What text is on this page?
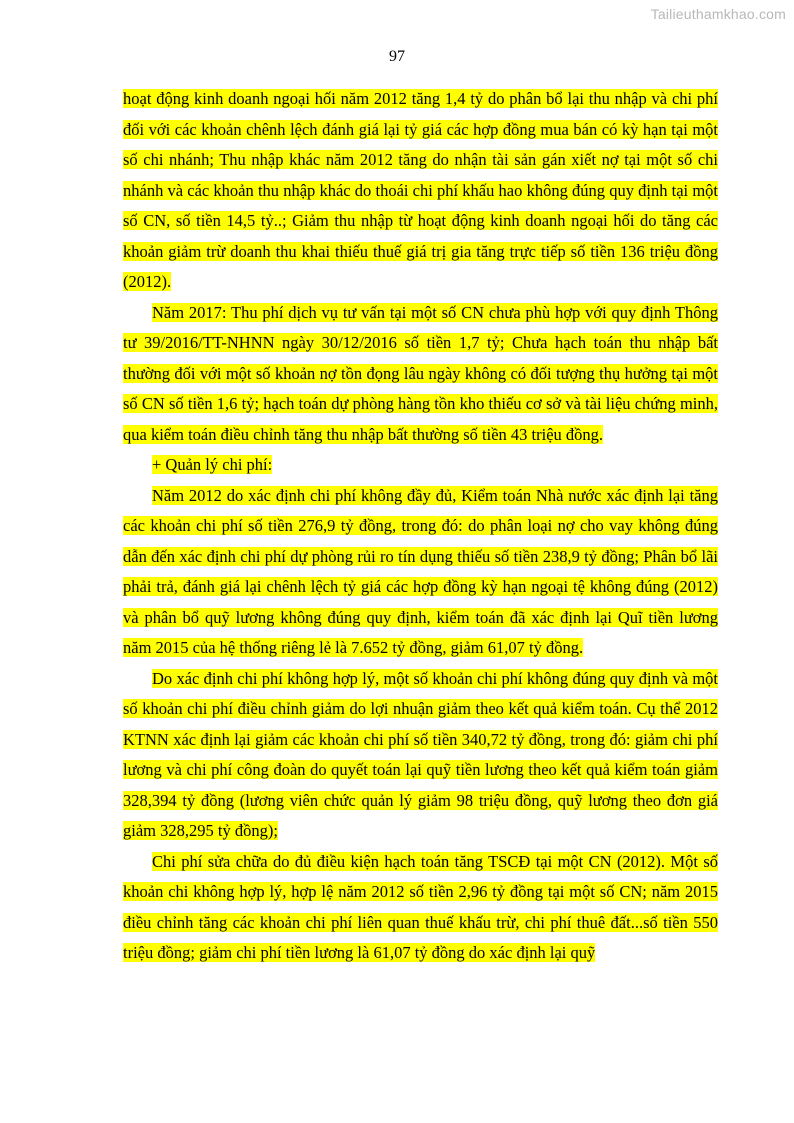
Tailieuthamkhao.com
97

hoạt động kinh doanh ngoại hối năm 2012 tăng 1,4 tỷ do phân bổ lại thu nhập và chi phí đối với các khoản chênh lệch đánh giá lại tỷ giá các hợp đồng mua bán có kỳ hạn tại một số chi nhánh; Thu nhập khác năm 2012 tăng do nhận tài sản gán xiết nợ tại một số chi nhánh và các khoản thu nhập khác do thoái chi phí khấu hao không đúng quy định tại một số CN, số tiền 14,5 tỷ..; Giảm thu nhập từ hoạt động kinh doanh ngoại hối do tăng các khoản giảm trừ doanh thu khai thiếu thuế giá trị gia tăng trực tiếp số tiền 136 triệu đồng (2012).

Năm 2017: Thu phí dịch vụ tư vấn tại một số CN chưa phù hợp với quy định Thông tư 39/2016/TT-NHNN ngày 30/12/2016 số tiền 1,7 tỷ; Chưa hạch toán thu nhập bất thường đối với một số khoản nợ tồn đọng lâu ngày không có đối tượng thụ hưởng tại một số CN số tiền 1,6 tỷ; hạch toán dự phòng hàng tồn kho thiếu cơ sở và tài liệu chứng minh, qua kiểm toán điều chỉnh tăng thu nhập bất thường số tiền 43 triệu đồng.

+ Quản lý chi phí:

Năm 2012 do xác định chi phí không đầy đủ, Kiểm toán Nhà nước xác định lại tăng các khoản chi phí số tiền 276,9 tỷ đồng, trong đó: do phân loại nợ cho vay không đúng dẫn đến xác định chi phí dự phòng rủi ro tín dụng thiếu số tiền 238,9 tỷ đồng; Phân bổ lãi phải trả, đánh giá lại chênh lệch tỷ giá các hợp đồng kỳ hạn ngoại tệ không đúng (2012) và phân bổ quỹ lương không đúng quy định, kiểm toán đã xác định lại Quĩ tiền lương năm 2015 của hệ thống riêng lẻ là 7.652 tỷ đồng, giảm 61,07 tỷ đồng.

Do xác định chi phí không hợp lý, một số khoản chi phí không đúng quy định và một số khoản chi phí điều chỉnh giảm do lợi nhuận giảm theo kết quả kiểm toán. Cụ thể 2012 KTNN xác định lại giảm các khoản chi phí số tiền 340,72 tỷ đồng, trong đó: giảm chi phí lương và chi phí công đoàn do quyết toán lại quỹ tiền lương theo kết quả kiểm toán giảm 328,394 tỷ đồng (lương viên chức quản lý giảm 98 triệu đồng, quỹ lương theo đơn giá giảm 328,295 tỷ đồng);

Chi phí sửa chữa do đủ điều kiện hạch toán tăng TSCĐ tại một CN (2012). Một số khoản chi không hợp lý, hợp lệ năm 2012 số tiền 2,96 tỷ đồng tại một số CN; năm 2015 điều chỉnh tăng các khoản chi phí liên quan thuế khấu trừ, chi phí thuê đất...số tiền 550 triệu đồng; giảm chi phí tiền lương là 61,07 tỷ đồng do xác định lại quỹ
